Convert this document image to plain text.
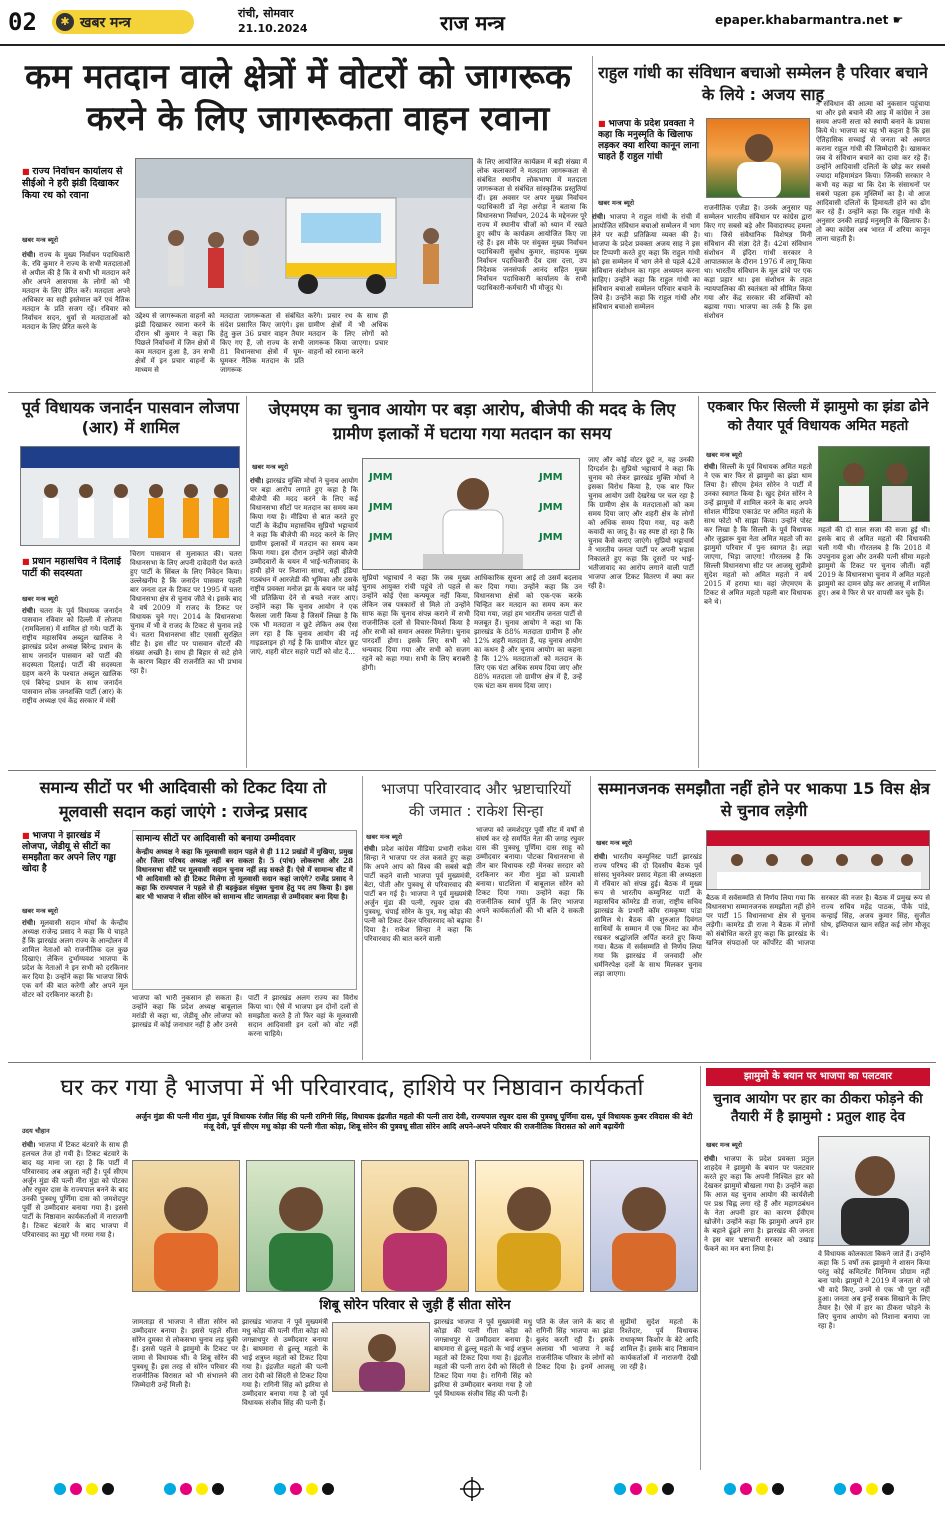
02	✱ खबर मन्त्र
रांची, सोमवार
21.10.2024	राज मन्त्र	epaper.khabarmantra.net ☛
कम मतदान वाले क्षेत्रों में वोटरों को जागरूक
करने के लिए जागरूकता वाहन रवाना
■ राज्य निर्वाचन कार्यालय से सीईओ ने हरी झंडी दिखाकर किया रथ को रवाना
खबर मन्त्र ब्यूरो
रांची। राज्य के मुख्य निर्वाचन पदाधिकारी के. रवि कुमार ने राज्य के सभी मतदाताओं से अपील की है कि वे सभी भी मतदान करें और अपने आसपास के लोगों को भी मतदान के लिए प्रेरित करें। मतदाता अपने अधिकार का सही इस्तेमाल करें एवं नैतिक मतदान के प्रति सजग रहें। रविवार को निर्वाचन सदन, धुर्वा से मतदाताओं को मतदान के लिए प्रेरित करने के
उद्देश्य से जागरूकता वाहनों को झंडी दिखाकर रवाना करने के दौरान श्री कुमार ने कहा कि पिछले निर्वाचनों में जिन क्षेत्रों में कम मतदान हुआ है, उन सभी क्षेत्रों में इन प्रचार वाहनों के माध्यम से
मतदाता जागरूकता से संबंधित संदेश प्रसारित किए जाएंगे। इस हेतु कुल 36 प्रचार वाहन तैयार किए गए हैं, जो राज्य के सभी 81 विधानसभा क्षेत्रों में घूम-घूमकर नैतिक मतदान के प्रति जागरूक
करेंगे। प्रचार रथ के साथ ही ग्रामीण क्षेत्रों में भी अधिक मतदान के लिए लोगों को जागरूक किया जाएगा। प्रचार वाहनों को रवाना करने
के लिए आयोजित कार्यक्रम में बड़ी संख्या में लोक कलाकारों ने मतदाता जागरूकता से संबंधित स्थानीय लोकभाषा में मतदाता जागरूकता से संबंधित सांस्कृतिक प्रस्तुतियां दीं। इस अवसर पर अपर मुख्य निर्वाचन पदाधिकारी डॉ नेहा अरोड़ा ने बताया कि विधानसभा निर्वाचन, 2024 के मद्देनजर पूरे राज्य में स्थानीय चीजों को ध्यान में रखते हुए स्वीप के कार्यक्रम आयोजित किए जा रहे हैं। इस मौके पर संयुक्त मुख्य निर्वाचन पदाधिकारी सुबोध कुमार, सहायक मुख्य निर्वाचन पदाधिकारी देव दास दत्ता, उप निदेशक जनसंपर्क आनंद सहित मुख्य निर्वाचन पदाधिकारी कार्यालय के सभी पदाधिकारी-कर्मचारी भी मौजूद थे।
राहुल गांधी का संविधान बचाओ सम्मेलन है परिवार बचाने के लिये : अजय साह
■ भाजपा के प्रदेश प्रवक्ता ने कहा कि मनुस्मृति के खिलाफ लड़कर क्या शरिया कानून लाना चाहते हैं राहुल गांधी
खबर मन्त्र ब्यूरो
रांची। भाजपा ने राहुल गांधी के रांची में आयोजित संविधान बचाओ सम्मेलन में भाग लेने पर कड़ी प्रतिक्रिया व्यक्त की है। भाजपा के प्रदेश प्रवक्ता अजय साह ने इस पर टिप्पणी करते हुए कहा कि राहुल गांधी को इस सम्मेलन में भाग लेने से पहले 42वें संविधान संशोधन का गहन अध्ययन करना चाहिए। उन्होंने कहा कि राहुल गांधी का संविधान बचाओ सम्मेलन परिवार बचाने के लिये है। उन्होंने कहा कि राहुल गांधी और संविधान बचाओ सम्मेलन
राजनीतिक एजेंडा है। उनके अनुसार यह सम्मेलन भारतीय संविधान पर कांग्रेस द्वारा किए गए सबसे बड़े और विवादास्पद हमला था। जिसे संवैधानिक विशेषज्ञ मिनी संविधान की संज्ञा देते हैं। 42वां संविधान संशोधन में इंदिरा गांधी सरकार ने आपातकाल के दौरान 1976 में लागू किया था। भारतीय संविधान के मूल ढांचे पर एक कड़ा प्रहार था। इस संशोधन के तहत न्यायपालिका की स्वतंत्रता को सीमित किया गया और केंद्र सरकार की शक्तियों को बढ़ाया गया। भाजपा का तर्क है कि इस संशोधन
ने संविधान की आत्मा को नुकसान पहुंचाया था और इसे बचाने की आड़ में कांग्रेस ने उस समय अपनी सत्ता को स्थायी बनाने के प्रयास किये थे। भाजपा का यह भी कहना है कि इस ऐतिहासिक सच्चाई से जनता को अवगत कराना राहुल गांधी की जिम्मेदारी है। खासकर जब वे संविधान बचाने का दावा कर रहे हैं। उन्होंने आदिवासी दलितों के छोड़ कर सबसे ज्यादा महिमामंडन किया। जिनकी सरकार ने कभी यह कहा था कि देश के संसाधनों पर सबसे पहला हक मुस्लिमों का है। वो आज आदिवासी दलितों के हिमायती होने का ढोंग कर रहे हैं। उन्होंने कहा कि राहुल गांधी के अनुसार उनकी लड़ाई मनुस्मृति के खिलाफ है। तो क्या कांग्रेस अब भारत में शरिया कानून लाना चाहती है।
पूर्व विधायक जनार्दन पासवान लोजपा (आर) में शामिल
■ प्रधान महासचिव ने दिलाई पार्टी की सदस्यता
खबर मन्त्र ब्यूरो
रांची। चतरा के पूर्व विधायक जनार्दन पासवान रविवार को दिल्ली में लोजपा (रामविलास) में शामिल हो गये। पार्टी के राष्ट्रीय महासचिव अब्दुल खालिक ने झारखंड प्रदेश अध्यक्ष बिरेन्द्र प्रधान के साथ जनार्दन पासवान को पार्टी की सदस्यता दिलाई। पार्टी की सदस्यता ग्रहण करने के पश्चात अब्दुल खालिक एवं बिरेन्द्र प्रधान के साथ जनार्दन पासवान लोक जनशक्ति पार्टी (आर) के राष्ट्रीय अध्यक्ष एवं केंद्र सरकार में मंत्री
चिराग पासवान से मुलाकात की। चतरा विधानसभा के लिए अपनी दावेदारी पेश करते हुए पार्टी के सिंबल के लिए निवेदन किया। उल्लेखनीय है कि जनार्दन पासवान पहली बार जनता दल के टिकट पर 1995 में चतरा विधानसभा क्षेत्र से चुनाव जीते थे। इसके बाद वे वर्ष 2009 में राजद के टिकट पर विधायक चुने गए। 2014 के विधानसभा चुनाव में भी वे राजद के टिकट से चुनाव लड़े थे। चतरा विधानसभा सीट एससी सुरक्षित सीट है। इस सीट पर पासवान वोटरों की संख्या अच्छी है। साथ ही बिहार से सटे होने के कारण बिहार की राजनीति का भी प्रभाव रहा है।
जेएमएम का चुनाव आयोग पर बड़ा आरोप, बीजेपी की मदद के लिए ग्रामीण इलाकों में घटाया गया मतदान का समय
खबर मन्त्र ब्यूरो
रांची। झारखंड मुक्ति मोर्चा ने चुनाव आयोग पर बड़ा आरोप लगाते हुए कहा है कि बीजेपी की मदद करने के लिए कई विधानसभा सीटों पर मतदान का समय कम किया गया है। मीडिया से बात करते हुए पार्टी के केंद्रीय महासचिव सुप्रियो भट्टाचार्य ने कहा कि बीजेपी की मदद करने के लिए ग्रामीण इलाकों में मतदान का समय कम किया गया। इस दौरान उन्होंने जहां बीजेपी उम्मीदवारों के चयन में भाई-भतीजावाद के हावी होने पर निशाना साधा, वहीं इंडिया गठबंधन में आरजेडी की भूमिका और उसके राष्ट्रीय प्रवक्ता मनोज झा के बयान पर कोई भी प्रतिक्रिया देने से बचते नजर आए। उन्होंने कहा कि चुनाव आयोग ने एक फैसला जारी किया है जिसमें लिखा है कि एक भी मतदाता न छूटे लेकिन अब ऐसा लग रहा है कि चुनाव आयोग की नई गाइडलाइन हो गई है कि ग्रामीण वोटर छूट जाएं, शहरी वोटर सहारे पार्टी को वोट दें...
JMM
JMM
JMM
JMM
JMM
JMM
सुप्रियो भट्टाचार्य ने कहा कि जब मुख्य चुनाव आयुक्त रांची पहुंचे तो पहले से उन्होंने कोई ऐसा कन्फ्यूज नहीं किया, लेकिन जब पत्रकारों से मिले तो उन्होंने साफ कहा कि चुनाव संपन्न कराने में सभी राजनीतिक दलों से विचार-विमर्श किया है और सभी को समान अवसर मिलेगा। चुनाव पारदर्शी होगा। इसके लिए सभी को धन्यवाद दिया गया और सभी को सजग रहने को कहा गया। सभी के लिए बराबरी होगी।
आधिकारिक सूचना आई तो उसमें बदलाव कर दिया गया। उन्होंने कहा कि उन विधानसभा क्षेत्रों को एक-एक करके चिन्हित कर मतदान का समय कम कर दिया गया, जहां हम भारतीय जनता पार्टी से मजबूत हैं। चुनाव आयोग ने कहा था कि झारखंड के 88% मतदाता ग्रामीण हैं और 12% शहरी मतदाता हैं, यह चुनाव आयोग का कथन है और चुनाव आयोग का कहना है कि 12% मतदाताओं को मतदान के लिए एक घंटा अधिक समय दिया जाए और 88% मतदाता जो ग्रामीण क्षेत्र में हैं, उन्हें एक घंटा कम समय दिया जाए।
जाए और कोई वोटर छूटे न, यह उनकी दिग्दर्शन है। सुप्रियो भट्टाचार्य ने कहा कि चुनाव को लेकर झारखंड मुक्ति मोर्चा ने इसका विरोध किया है, एक बार फिर चुनाव आयोग उसी देखरेख पर चल रहा है कि ग्रामीण क्षेत्र के मतदाताओं को कम समय दिया जाए और शहरी क्षेत्र के लोगों को अधिक समय दिया गया, यह करी कवादी का जादू है। वह स्पष्ट हो रहा है कि चुनाव कैसे कराए जाएंगे। सुप्रियो भट्टाचार्य ने भारतीय जनता पार्टी पर अपनी भड़ास निकालते हुए कहा कि दूसरों पर भाई-भतीजावाद का आरोप लगाने वाली पार्टी भाजपा आज टिकट वितरण में क्या कर रही है।
एकबार फिर सिल्ली में झामुमो का झंडा ढोने को तैयार पूर्व विधायक अमित महतो
खबर मन्त्र ब्यूरो
रांची। सिल्ली के पूर्व विधायक अमित महतो ने एक बार फिर से झामुमो का झंडा थाम लिया है। सीएम हेमंत सोरेन ने पार्टी में उनका स्वागत किया है। खुद हेमंत सोरेन ने उन्हें झामुमो में शामिल करने के बाद अपने सोशल मीडिया एकाउंट पर अमित महतो के साथ फोटो भी साझा किया। उन्होंने पोस्ट कर लिखा है कि सिल्ली के पूर्व विधायक और जुझारू युवा नेता अमित महतो जी का झामुमो परिवार में पुनः स्वागत है। लड़ा जाएगा, भिड़ा जाएगा! गौरतलब है कि सिल्ली विधानसभा सीट पर आजसू सुप्रीमो सुदेश महतो को अमित महतो ने वर्ष 2015 में हराया था। वहां जेएमएम के टिकट से अमित महतो पहली बार विधायक बने थे।
महतो की दो साल सजा की सजा हुई थी। इसके बाद से अमित महतो की विधायकी चली गयी थी। गौरतलब है कि 2018 में उपचुनाव हुआ और उनकी पत्नी सीमा महतो झामुमो के टिकट पर चुनाव जीतीं। वहीं 2019 के विधानसभा चुनाव में अमित महतो झामुमो का दामन छोड़ कर आजसू में शामिल हुए। अब वे फिर से घर वापसी कर चुके हैं।
समान्य सीटों पर भी आदिवासी को टिकट दिया तो
मूलवासी सदान कहां जाएंगे : राजेन्द्र प्रसाद
■ भाजपा ने झारखंड में लोजपा, जेडीयू से सीटों का समझौता कर अपने लिए गड्ढा खोदा है
खबर मन्त्र ब्यूरो
रांची। मूलवासी सदान मोर्चा के केन्द्रीय अध्यक्ष राजेन्द्र प्रसाद ने कहा कि ये चाहते हैं कि झारखंड अलग राज्य के आन्दोलन में शामिल नेताओं को राजनीतिक दल कुछ दिखाएं। लेकिन दुर्भाग्यवश भाजपा के प्रदेश के नेताओं ने इन सभी को दरकिनार कर दिया है। उन्होंने कहा कि भाजपा सिर्फ एक वर्ग की बात करेगी और अपने मूल वोटर को दरकिनार करती है।
सामान्य सीटों पर आदिवासी को बनाया उम्मीदवार
केन्द्रीय अध्यक्ष ने कहा कि मूलवासी सदान पहले से ही 112 प्रखंडों में मुखिया, प्रमुख और जिला परिषद अध्यक्ष नहीं बन सकता है। 5 (पांच) लोकसभा और 28 विधानसभा सीटें पर मूलवासी सदान चुनाव नहीं लड़ सकते हैं। ऐसे में सामान्य सीट में भी आदिवासी को ही टिकट मिलेगा तो मूलवासी सदान कहां जाएंगे? राजेंद्र प्रसाद ने कहा कि राज्यपाल ने पहले से ही बड़कुंडल संयुक्त चुनाव हेतु पद तय किया है। इस बार भी भाजपा ने सीता सोरेन को सामान्य सीट जामताड़ा से उम्मीदवार बना दिया है।
भाजपा को भारी नुकसान हो सकता है। उन्होंने कहा कि प्रदेश अध्यक्ष बाबूलाल मरांडी से कहा था, जेडीयू और लोजपा को झारखंड में कोई जनाधार नहीं है और उनसे
पार्टी ने झारखंड अलग राज्य का विरोध किया था। ऐसे में भाजपा इन दोनों दलों से समझौता करते है तो फिर वहां के मूलवासी सदान आदिवासी इन दलों को वोट नहीं करना चाहिये।
भाजपा परिवारवाद और भ्रष्टाचारियों
की जमात : राकेश सिन्हा
खबर मन्त्र ब्यूरो
रांची। प्रदेश कांग्रेस मीडिया प्रभारी राकेश सिन्हा ने भाजपा पर तंज कसते हुए कहा कि अपने आप को विश्व की सबसे बड़ी पार्टी कहने वाली भाजपा पूर्व मुख्यमंत्री, बेटा, पोती और पुत्रवधू से परिवारवाद की पार्टी बन गई है। भाजपा ने पूर्व मुख्यमंत्री अर्जुन मुंडा की पत्नी, रघुवर दास की पुत्रवधू, चंपाई सोरेन के पुत्र, मधु कोड़ा की पत्नी को टिकट देकर परिवारवाद को बढ़ावा दिया है। राकेश सिन्हा ने कहा कि परिवारवाद की बात करने वाली
भाजपा को जमशेदपुर पूर्वी सीट में वर्षों से संघर्ष कर रहे समर्पित नेता की जगह रघुवर दास की पुत्रवधू पूर्णिमा दास साहू को उम्मीदवार बनाया। पोटका विधानसभा से तीन बार विधायक रही मेनका सरदार को दरकिनार कर मीरा मुंडा को प्रत्याशी बनाया। घाटशिला में बाबूलाल सोरेन को टिकट दिया गया। उन्होंने कहा कि राजनीतिक स्वार्थ पूर्ति के लिए भाजपा अपने कार्यकर्ताओं की भी बलि दे सकती है।
सम्मानजनक समझौता नहीं होने पर भाकपा 15 विस क्षेत्र से चुनाव लड़ेगी
खबर मन्त्र ब्यूरो
रांची। भारतीय कम्युनिस्ट पार्टी झारखंड राज्य परिषद की दो दिवसीय बैठक पूर्व सांसद भुवनेश्वर प्रसाद मेहता की अध्यक्षता में रविवार को संपन्न हुई। बैठक में मुख्य रूप से भारतीय कम्युनिस्ट पार्टी के महासचिव कॉमरेड डी राजा, राष्ट्रीय सचिव झारखंड के प्रभारी कॉम रामकृष्ण पांडा शामिल थे। बैठक की शुरुआत दिवंगत साथियों के सम्मान में एक मिनट का मौन रखकर श्रद्धांजलि अर्पित करते हुए किया गया। बैठक में सर्वसम्मति से निर्णय लिया गया कि झारखंड में जनवादी और धर्मनिरपेक्ष दलों के साथ मिलकर चुनाव लड़ा जाएगा।
बैठक में सर्वसम्मति से निर्णय लिया गया कि विधानसभा सम्मानजनक समझौता नहीं होने पर पार्टी 15 विधानसभा क्षेत्र से चुनाव लड़ेगी। कामरेड डी राजा ने बैठक में लोगों को संबोधित करते हुए कहा कि झारखंड के खनिज संपदाओं पर कॉर्पोरेट की भाजपा सरकार की नजर है। बैठक में प्रमुख रूप से राज्य सचिव महेंद्र पाठक, पीके पांडे, कन्हाई सिंह, अजय कुमार सिंह, सुजीत घोष, इम्तियाज खान सहित कई लोग मौजूद थे।
घर कर गया है भाजपा में भी परिवारवाद, हाशिये पर निष्ठावान कार्यकर्ता
अर्जुन मुंडा की पत्नी मीरा मुंडा, पूर्व विधायक रंजीत सिंह की पत्नी रागिनी सिंह, विधायक इंद्रजीत महतो की पत्नी तारा देवी, राज्यपाल रघुवर दास की पुत्रवधू पूर्णिमा दास, पूर्व विधायक कुबर रविदास की बेटी मंजू देवी, पूर्व सीएम मधु कोड़ा की पत्नी गीता कोड़ा, शिबू सोरेन की पुत्रवधू सीता सोरेन आदि अपने-अपने परिवार की राजनीतिक विरासत को आगे बढ़ायेंगी
उदय चौहान
रांची। भाजपा में टिकट बंटवारे के साथ ही हलचल तेज हो गयी है। टिकट बंटवारे के बाद यह माना जा रहा है कि पार्टी में परिवारवाद अब अछूता नहीं है। पूर्व सीएम अर्जुन मुंडा की पत्नी मीरा मुंडा को पोटका और रघुवर दास के राज्यपाल बनने के बाद उनकी पुत्रवधू पूर्णिमा दास को जमशेदपुर पूर्वी से उम्मीदवार बनाया गया है। इससे पार्टी के निष्ठावान कार्यकर्ताओं में नाराजगी है। टिकट बंटवारे के बाद भाजपा में परिवारवाद का मुद्दा भी गरमा गया है।
शिबू सोरेन परिवार से जुड़ी हैं सीता सोरेन
जामताड़ा से भाजपा ने सीता सोरेन को उम्मीदवार बनाया है। इससे पहले सीता सोरेन दुमका से लोकसभा चुनाव लड़ चुकी हैं। इससे पहले वे झामुमो के टिकट पर जामा से विधायक थीं। वे शिबू सोरेन की पुत्रवधू हैं। इस तरह से सोरेन परिवार की राजनीतिक विरासत को भी संभालने की जिम्मेदारी उन्हें मिली है।
झारखंड भाजपा ने पूर्व मुख्यमंत्री मधु कोड़ा की पत्नी गीता कोड़ा को जगन्नाथपुर से उम्मीदवार बनाया है। बाघमारा से ढुल्लू महतो के भाई शत्रुघ्न महतो को टिकट दिया गया है। इंद्रजीत महतो की पत्नी तारा देवी को सिंदरी से टिकट दिया गया है। रागिनी सिंह को झरिया से उम्मीदवार बनाया गया है जो पूर्व विधायक संजीव सिंह की पत्नी हैं।
झारखंड भाजपा ने पूर्व मुख्यमंत्री मधु कोड़ा की पत्नी गीता कोड़ा को जगन्नाथपुर से उम्मीदवार बनाया है। बाघमारा से ढुल्लू महतो के भाई शत्रुघ्न महतो को टिकट दिया गया है। इंद्रजीत महतो की पत्नी तारा देवी को सिंदरी से टिकट दिया गया है। रागिनी सिंह को झरिया से उम्मीदवार बनाया गया है जो पूर्व विधायक संजीव सिंह की पत्नी हैं।
पति के जेल जाने के बाद से रागिनी सिंह भाजपा का झंडा बुलंद करती रही हैं। इसके अलावा भी भाजपा ने कई राजनीतिक परिवार के लोगों को टिकट दिया है। इनमें आजसू सुप्रीमो सुदेश महतो के रिश्तेदार, पूर्व विधायक राधाकृष्ण किशोर के बेटे आदि शामिल हैं। इसके बाद निष्ठावान कार्यकर्ताओं में नाराजगी देखी जा रही है।
झामुमो के बयान पर भाजपा का पलटवार
चुनाव आयोग पर हार का ठीकरा फोड़ने की तैयारी में है झामुमो : प्रतुल शाह देव
खबर मन्त्र ब्यूरो
रांची। भाजपा के प्रदेश प्रवक्ता प्रतुल शाहदेव ने झामुमो के बयान पर पलटवार करते हुए कहा कि अपनी निश्चित हार को देखकर झामुमो बौखला गया है। उन्होंने कहा कि आज यह चुनाव आयोग की कार्यशैली पर प्रश्न चिह्न लगा रहे हैं और महागठबंधन के नेता अपनी हार का कारण ईवीएम खोजेंगे। उन्होंने कहा कि झामुमो अपने हार के बहाने ढूंढ़ने लगा है। झारखंड की जनता ने इस बार भ्रष्टाचारी सरकार को उखाड़ फेंकने का मन बना लिया है।
वे विधायक कोलकाता बिकने जाते हैं। उन्होंने कहा कि 5 वर्षों तक झामुमो ने शासन किया परंतु कोई कमिटमेंट मिनिमम प्रोग्राम नहीं बना पाये। झामुमो ने 2019 में जनता से जो भी वादे किए, उनमें से एक भी पूरा नहीं हुआ। जनता अब इन्हें सबक सिखाने के लिए तैयार है। ऐसे में हार का ठीकरा फोड़ने के लिए चुनाव आयोग को निशाना बनाया जा रहा है।
